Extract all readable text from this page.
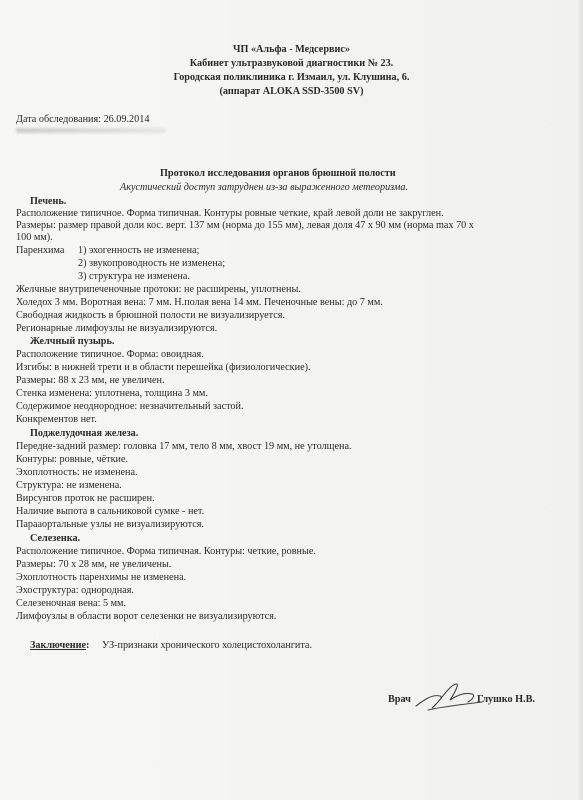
ЧП «Альфа - Медсервис»
Кабинет ультразвуковой диагностики № 23.
Городская поликлиника г. Измаил, ул. Клушина, 6.
(аппарат ALOKA SSD-3500 SV)
Дата обследования: 26.09.2014
Протокол исследования органов брюшной полости
Акустический доступ затруднен из-за выраженного метеоризма.
Печень.
Расположение типичное. Форма типичная. Контуры ровные четкие, край левой доли не закруглен.
Размеры: размер правой доли кос. верт. 137 мм (норма до 155 мм), левая доля 47 x 90 мм (норма max 70 x
100 мм).
Паренхима 1) эхогенность не изменена;
2) звукопроводность не изменена;
3) структура не изменена.
Желчные внутрипеченочные протоки: не расширены, уплотнены.
Холедох 3 мм. Воротная вена: 7 мм. Н.полая вена 14 мм. Печеночные вены: до 7 мм.
Свободная жидкость в брюшной полости не визуализируется.
Регионарные лимфоузлы не визуализируются.
Желчный пузырь.
Расположение типичное. Форма: овоидная.
Изгибы: в нижней трети и в области перешейка (физиологические).
Размеры: 88 x 23 мм, не увеличен.
Стенка изменена: уплотнена, толщина 3 мм.
Содержимое неоднородное: незначительный застой.
Конкрементов нет.
Поджелудочная железа.
Передне-задний размер: головка 17 мм, тело 8 мм, хвост 19 мм, не утолщена.
Контуры: ровные, чёткие.
Эхоплотность: не изменена.
Структура: не изменена.
Вирсунгов проток не расширен.
Наличие выпота в сальниковой сумке - нет.
Парааортальные узлы не визуализируются.
Селезенка.
Расположение типичное. Форма типичная. Контуры: четкие, ровные.
Размеры: 70 x 28 мм, не увеличены.
Эхоплотность паренхимы не изменена.
Эхоструктура: однородная.
Селезеночная вена: 5 мм.
Лимфоузлы в области ворот селезенки не визуализируются.
Заключение: УЗ-признаки хронического холецистохолангита.
Врач	Глушко Н.В.
